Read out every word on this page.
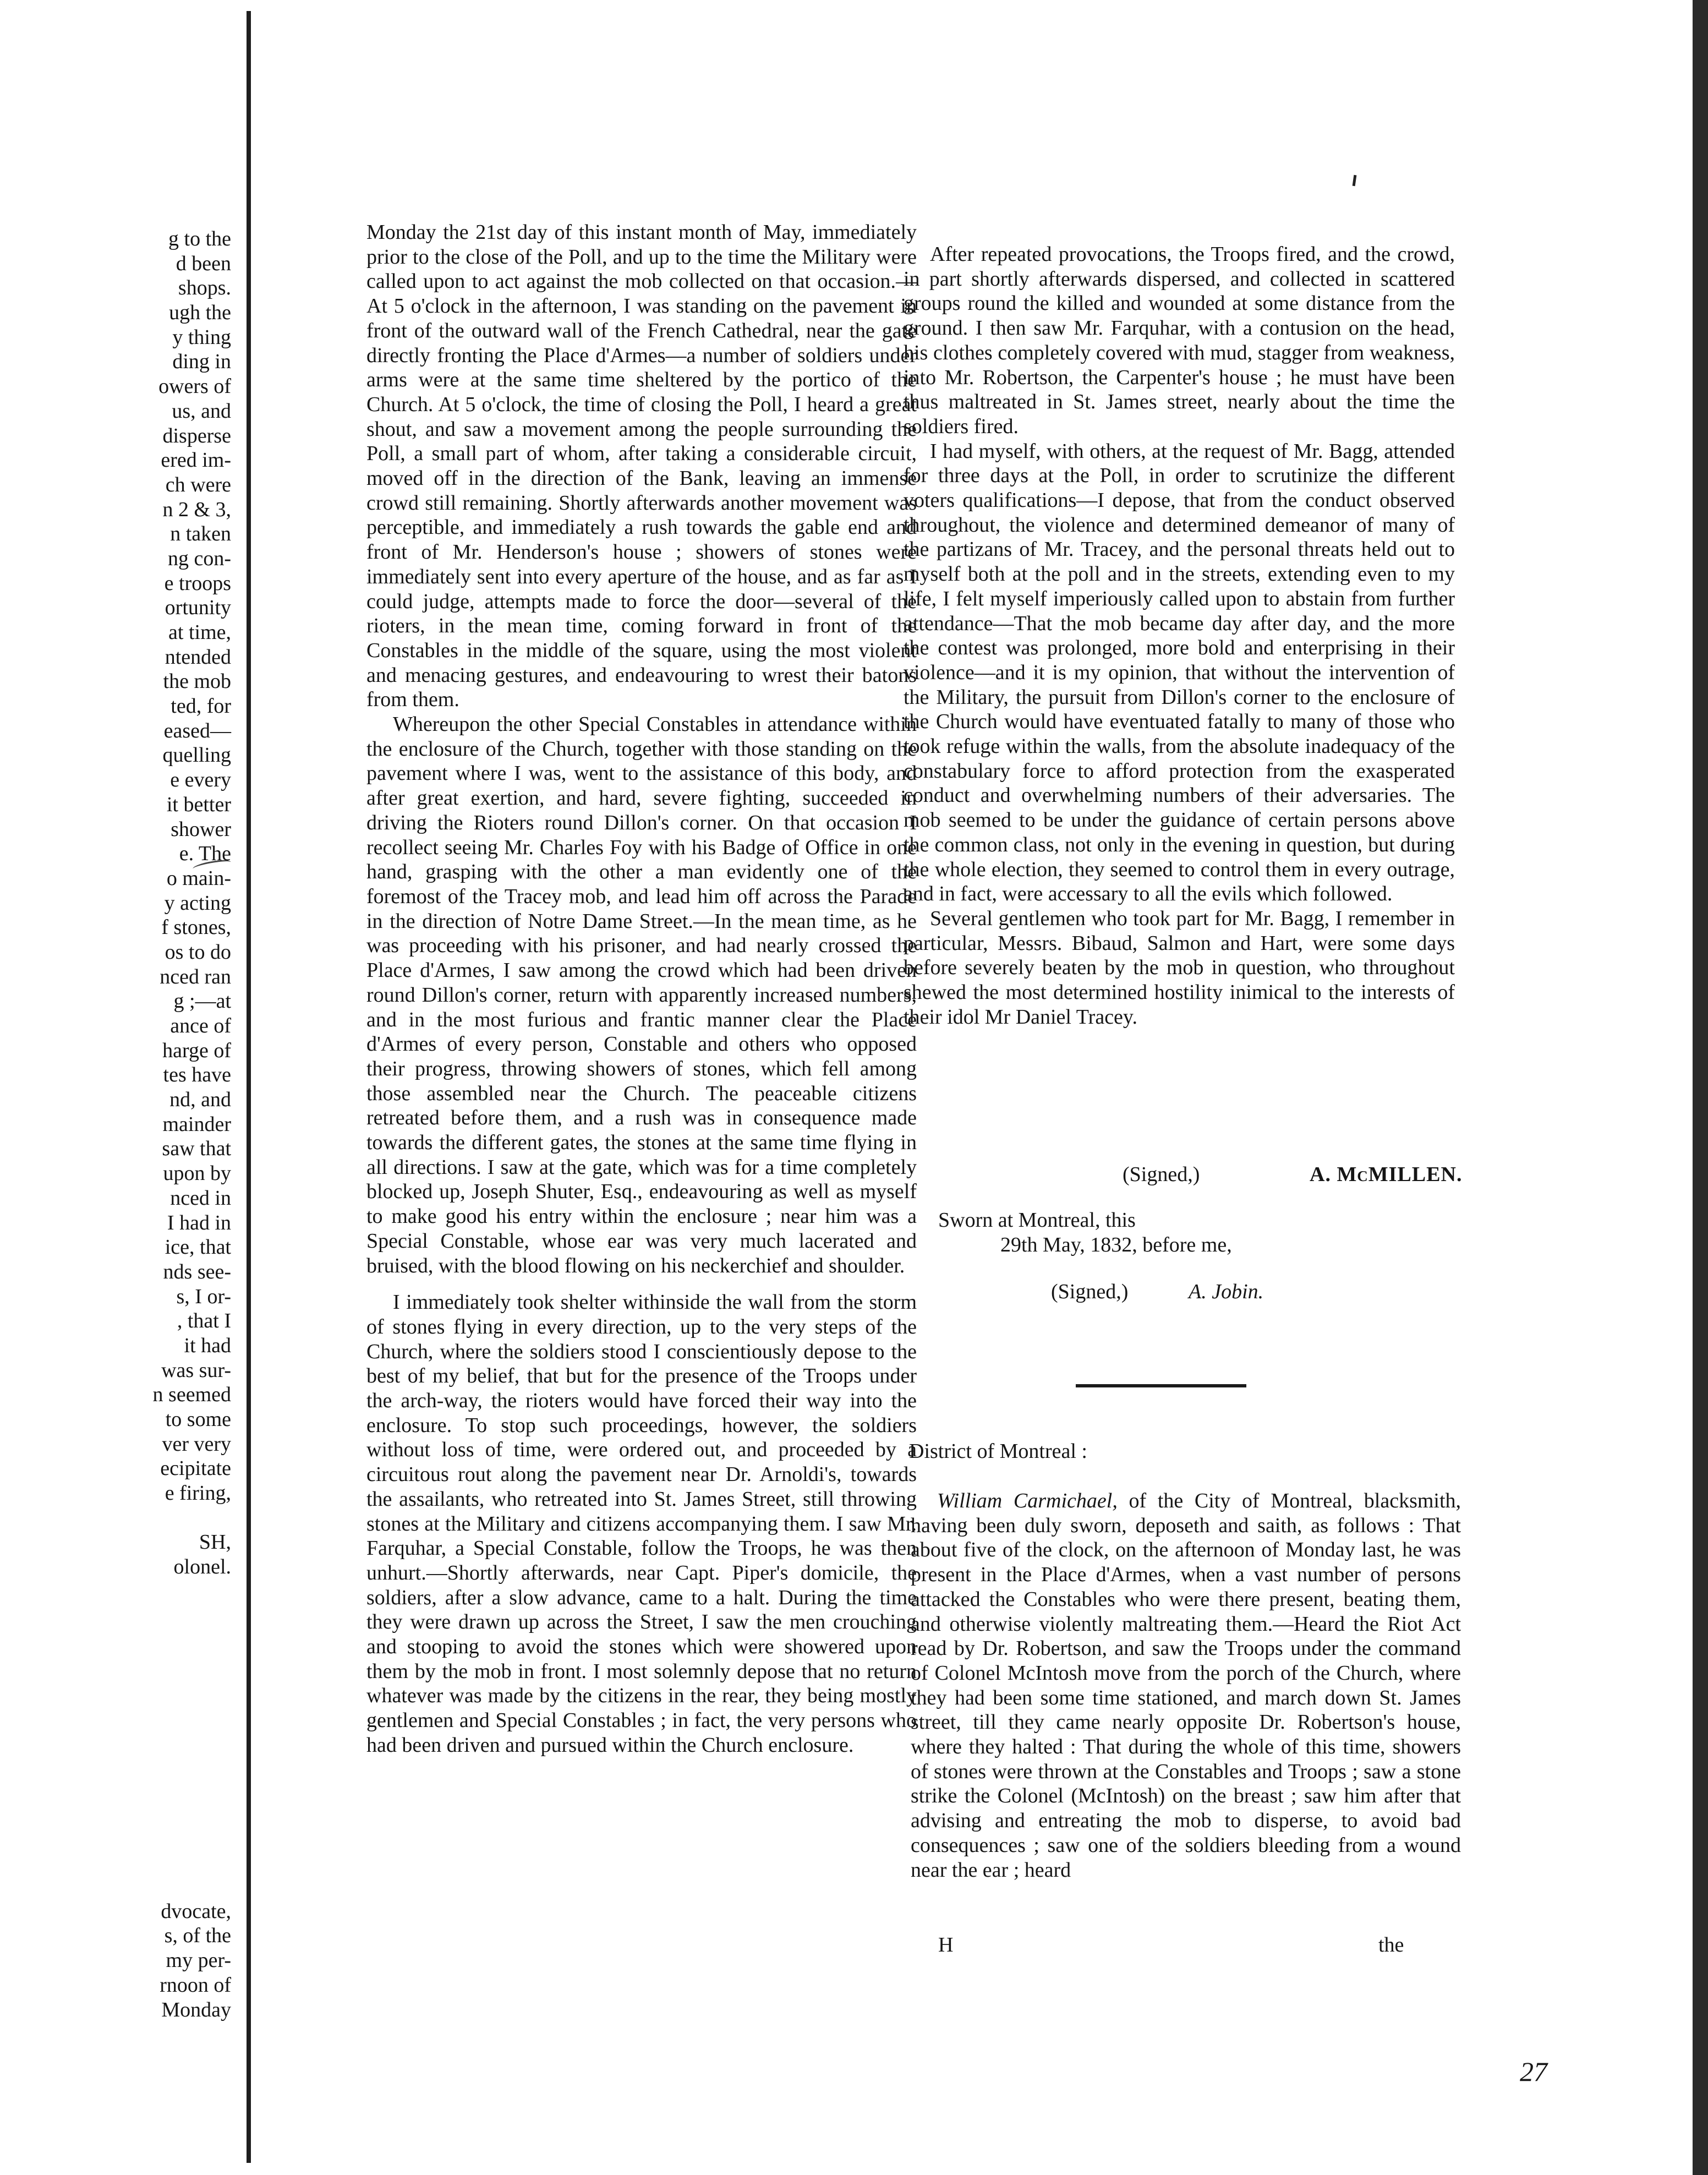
g to the
d been
shops.
ugh the
y thing
ding in
owers of
us, and
disperse
ered im-
ch were
n 2 & 3,
n taken
ng con-
e troops
ortunity
at time,
ntended
the mob
ted, for
eased—
quelling
e every
it better
shower
e. The
o main-
y acting
f stones,
os to do
nced ran
g ;—at
ance of
harge of
tes have
nd, and
mainder
saw that
upon by
nced in
I had in
ice, that
nds see-
s, I or-
, that I
it had
was sur-
n seemed
to some
ver very
ecipitate
e firing,
SH,
olonel.
dvocate,
s, of the
my per-
rnoon of
Monday

Monday the 21st day of this instant month of May, immediately prior to the close of the Poll, and up to the time the Military were called upon to act against the mob collected on that occasion.—At 5 o'clock in the afternoon, I was standing on the pavement in front of the outward wall of the French Cathedral, near the gate directly fronting the Place d'Armes—a number of soldiers under arms were at the same time sheltered by the portico of the Church. At 5 o'clock, the time of closing the Poll, I heard a great shout, and saw a movement among the people surrounding the Poll, a small part of whom, after taking a considerable circuit, moved off in the direction of the Bank, leaving an immense crowd still remaining. Shortly afterwards another movement was perceptible, and immediately a rush towards the gable end and front of Mr. Henderson's house ; showers of stones were immediately sent into every aperture of the house, and as far as I could judge, attempts made to force the door—several of the rioters, in the mean time, coming forward in front of the Constables in the middle of the square, using the most violent and menacing gestures, and endeavouring to wrest their batons from them.

Whereupon the other Special Constables in attendance within the enclosure of the Church, together with those standing on the pavement where I was, went to the assistance of this body, and after great exertion, and hard, severe fighting, succeeded in driving the Rioters round Dillon's corner. On that occasion I recollect seeing Mr. Charles Foy with his Badge of Office in one hand, grasping with the other a man evidently one of the foremost of the Tracey mob, and lead him off across the Parade in the direction of Notre Dame Street.—In the mean time, as he was proceeding with his prisoner, and had nearly crossed the Place d'Armes, I saw among the crowd which had been driven round Dillon's corner, return with apparently increased numbers, and in the most furious and frantic manner clear the Place d'Armes of every person, Constable and others who opposed their progress, throwing showers of stones, which fell among those assembled near the Church. The peaceable citizens retreated before them, and a rush was in consequence made towards the different gates, the stones at the same time flying in all directions. I saw at the gate, which was for a time completely blocked up, Joseph Shuter, Esq., endeavouring as well as myself to make good his entry within the enclosure ; near him was a Special Constable, whose ear was very much lacerated and bruised, with the blood flowing on his neckerchief and shoulder.

I immediately took shelter withinside the wall from the storm of stones flying in every direction, up to the very steps of the Church, where the soldiers stood I conscientiously depose to the best of my belief, that but for the presence of the Troops under the arch-way, the rioters would have forced their way into the enclosure. To stop such proceedings, however, the soldiers without loss of time, were ordered out, and proceeded by a circuitous rout along the pavement near Dr. Arnoldi's, towards the assailants, who retreated into St. James Street, still throwing stones at the Military and citizens accompanying them. I saw Mr. Farquhar, a Special Constable, follow the Troops, he was then unhurt.—Shortly afterwards, near Capt. Piper's domicile, the soldiers, after a slow advance, came to a halt. During the time they were drawn up across the Street, I saw the men crouching and stooping to avoid the stones which were showered upon them by the mob in front. I most solemnly depose that no return whatever was made by the citizens in the rear, they being mostly gentlemen and Special Constables ; in fact, the very persons who had been driven and pursued within the Church enclosure.

After repeated provocations, the Troops fired, and the crowd, in part shortly afterwards dispersed, and collected in scattered groups round the killed and wounded at some distance from the ground. I then saw Mr. Farquhar, with a contusion on the head, his clothes completely covered with mud, stagger from weakness, into Mr. Robertson, the Carpenter's house ; he must have been thus maltreated in St. James street, nearly about the time the soldiers fired.

I had myself, with others, at the request of Mr. Bagg, attended for three days at the Poll, in order to scrutinize the different voters qualifications—I depose, that from the conduct observed throughout, the violence and determined demeanor of many of the partizans of Mr. Tracey, and the personal threats held out to myself both at the poll and in the streets, extending even to my life, I felt myself imperiously called upon to abstain from further attendance—That the mob became day after day, and the more the contest was prolonged, more bold and enterprising in their violence—and it is my opinion, that without the intervention of the Military, the pursuit from Dillon's corner to the enclosure of the Church would have eventuated fatally to many of those who took refuge within the walls, from the absolute inadequacy of the constabulary force to afford protection from the exasperated conduct and overwhelming numbers of their adversaries. The mob seemed to be under the guidance of certain persons above the common class, not only in the evening in question, but during the whole election, they seemed to control them in every outrage, and in fact, were accessary to all the evils which followed.

Several gentlemen who took part for Mr. Bagg, I remember in particular, Messrs. Bibaud, Salmon and Hart, were some days before severely beaten by the mob in question, who throughout shewed the most determined hostility inimical to the interests of their idol Mr Daniel Tracey.

(Signed,)	A. McMILLEN.
Sworn at Montreal, this
29th May, 1832, before me,
(Signed,)	A. Jobin.
District of Montreal :

William Carmichael, of the City of Montreal, blacksmith, having been duly sworn, deposeth and saith, as follows : That about five of the clock, on the afternoon of Monday last, he was present in the Place d'Armes, when a vast number of persons attacked the Constables who were there present, beating them, and otherwise violently maltreating them.—Heard the Riot Act read by Dr. Robertson, and saw the Troops under the command of Colonel McIntosh move from the porch of the Church, where they had been some time stationed, and march down St. James street, till they came nearly opposite Dr. Robertson's house, where they halted : That during the whole of this time, showers of stones were thrown at the Constables and Troops ; saw a stone strike the Colonel (McIntosh) on the breast ; saw him after that advising and entreating the mob to disperse, to avoid bad consequences ; saw one of the soldiers bleeding from a wound near the ear ; heard

H	the
27
